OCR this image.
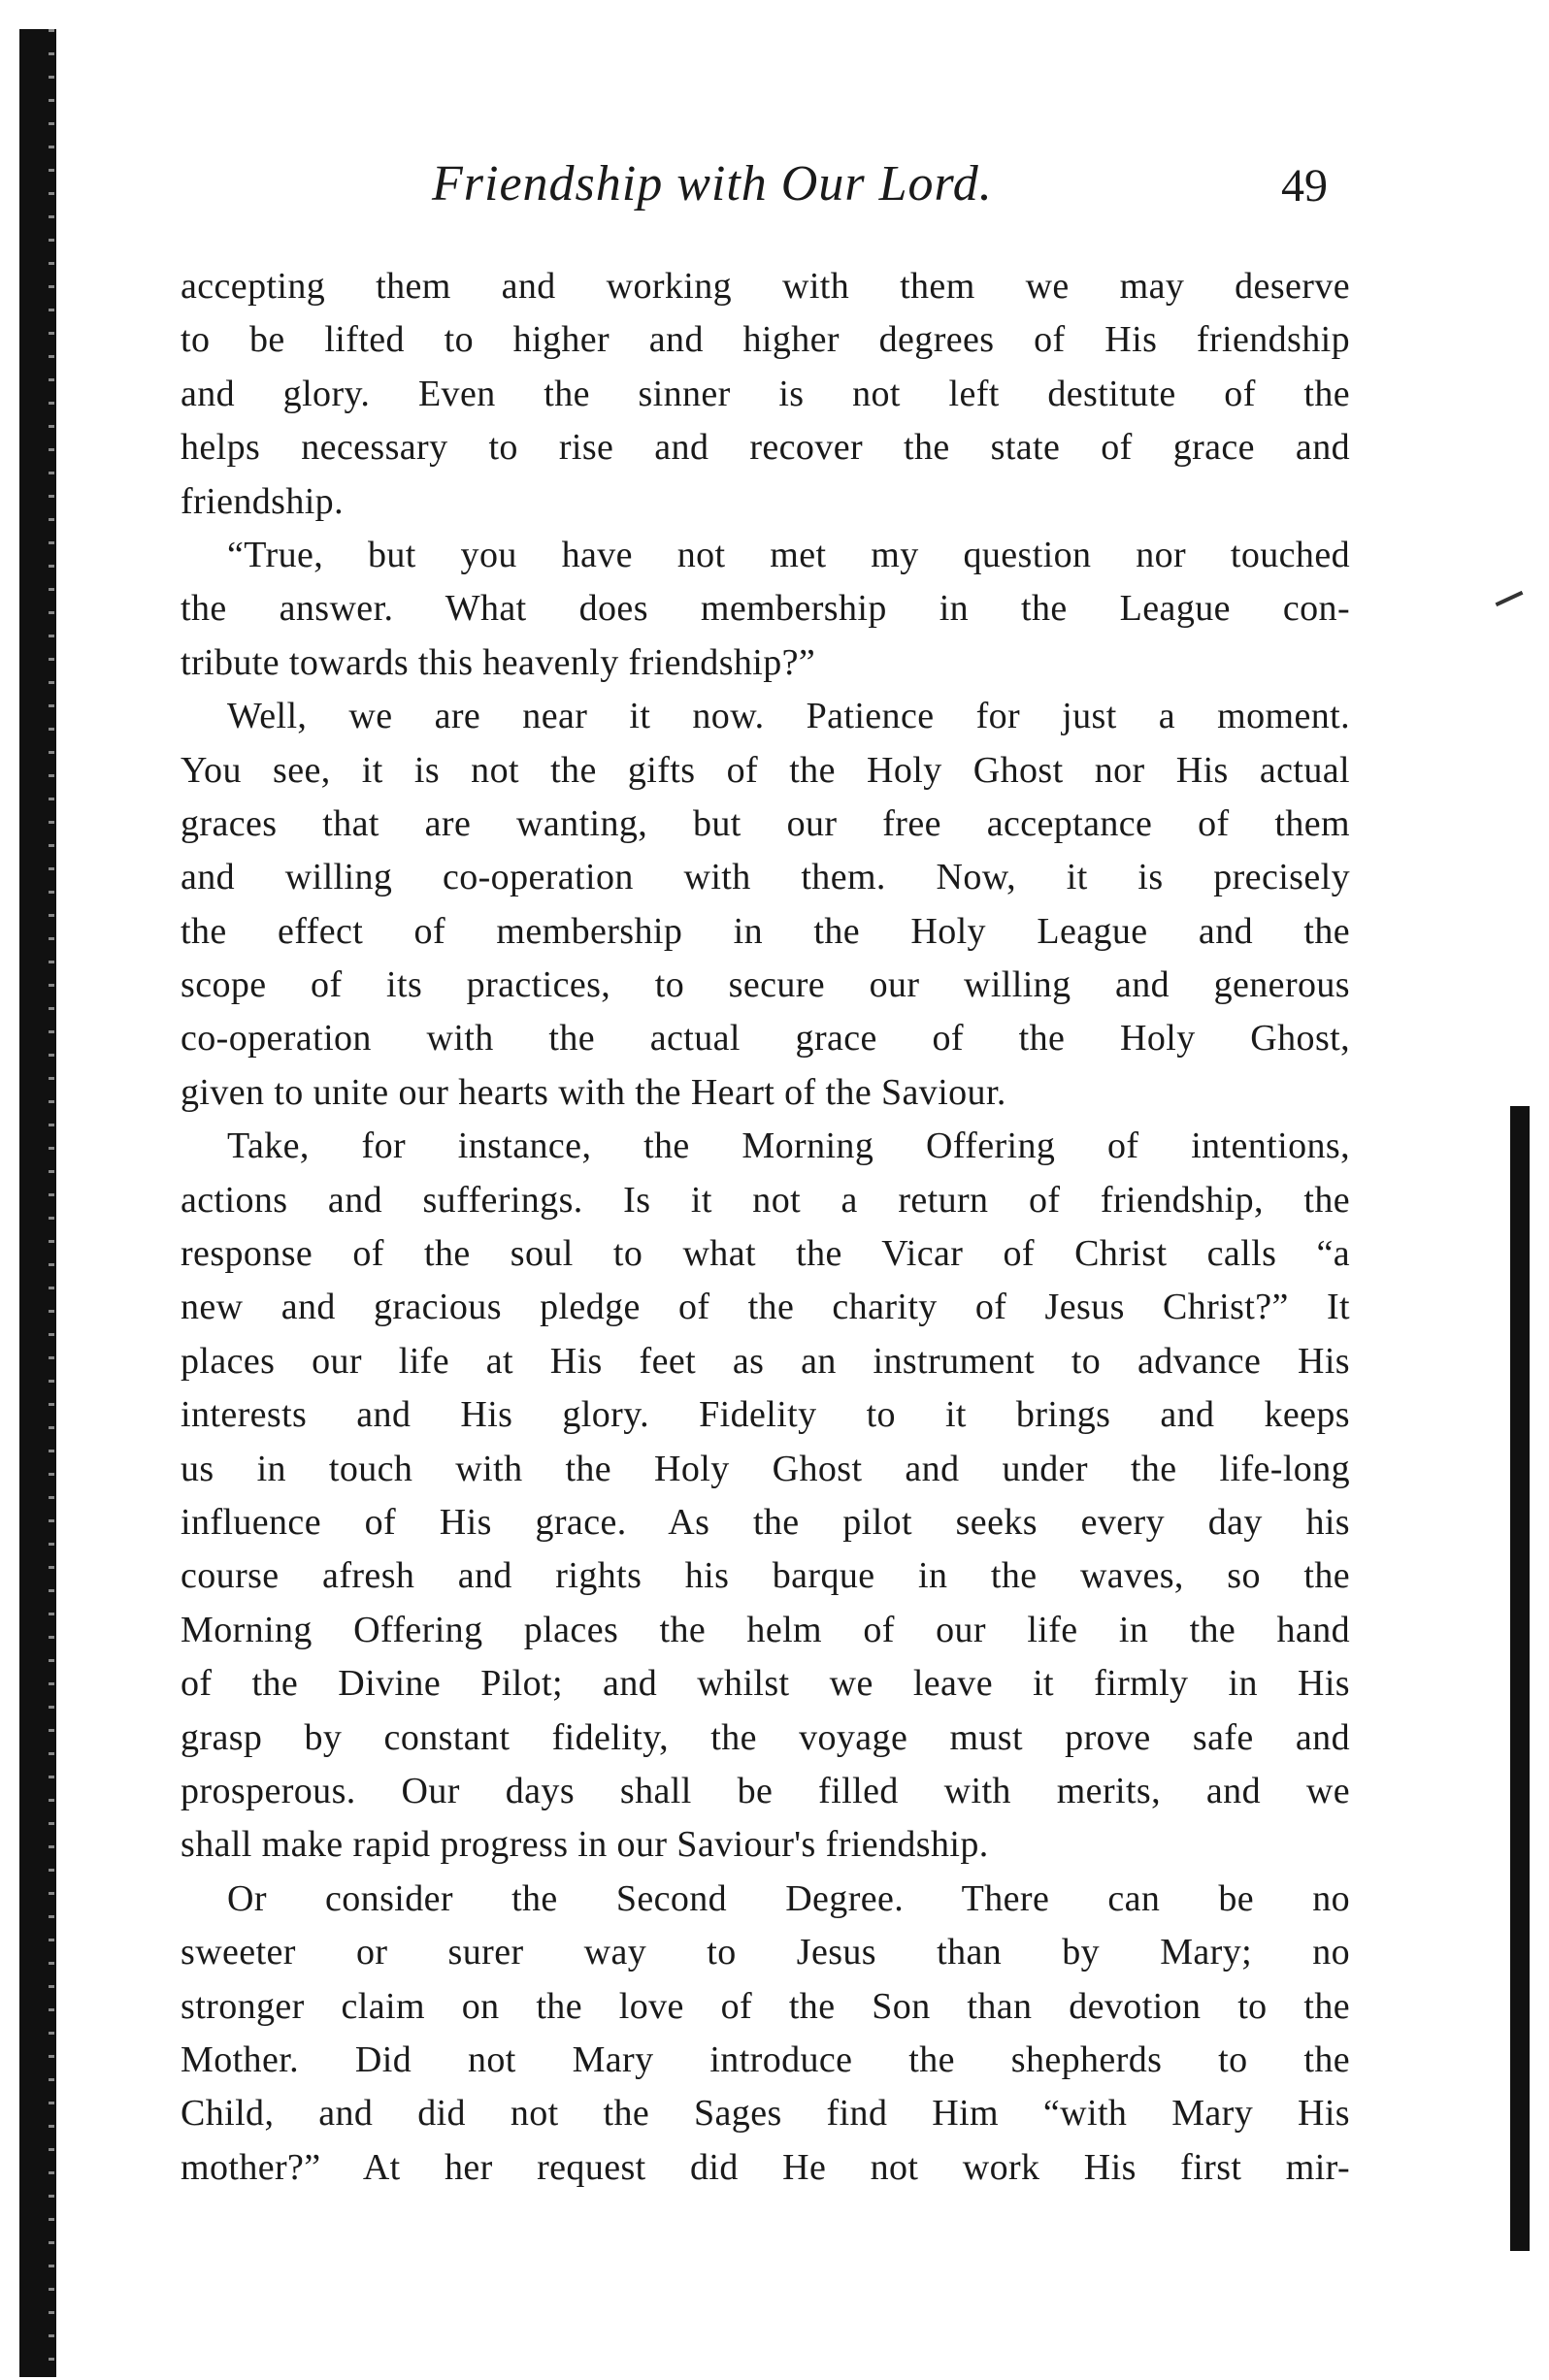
Friendship with Our Lord.	49
accepting them and working with them we may deserve
to be lifted to higher and higher degrees of His friendship
and glory. Even the sinner is not left destitute of the
helps necessary to rise and recover the state of grace and
friendship.
“True, but you have not met my question nor touched
the answer. What does membership in the League con-
tribute towards this heavenly friendship?”
Well, we are near it now. Patience for just a moment.
You see, it is not the gifts of the Holy Ghost nor His actual
graces that are wanting, but our free acceptance of them
and willing co-operation with them. Now, it is precisely
the effect of membership in the Holy League and the
scope of its practices, to secure our willing and generous
co-operation with the actual grace of the Holy Ghost,
given to unite our hearts with the Heart of the Saviour.
Take, for instance, the Morning Offering of intentions,
actions and sufferings. Is it not a return of friendship, the
response of the soul to what the Vicar of Christ calls “a
new and gracious pledge of the charity of Jesus Christ?” It
places our life at His feet as an instrument to advance His
interests and His glory. Fidelity to it brings and keeps
us in touch with the Holy Ghost and under the life-long
influence of His grace. As the pilot seeks every day his
course afresh and rights his barque in the waves, so the
Morning Offering places the helm of our life in the hand
of the Divine Pilot; and whilst we leave it firmly in His
grasp by constant fidelity, the voyage must prove safe and
prosperous. Our days shall be filled with merits, and we
shall make rapid progress in our Saviour's friendship.
Or consider the Second Degree. There can be no
sweeter or surer way to Jesus than by Mary; no
stronger claim on the love of the Son than devotion to the
Mother. Did not Mary introduce the shepherds to the
Child, and did not the Sages find Him “with Mary His
mother?” At her request did He not work His first mir-
